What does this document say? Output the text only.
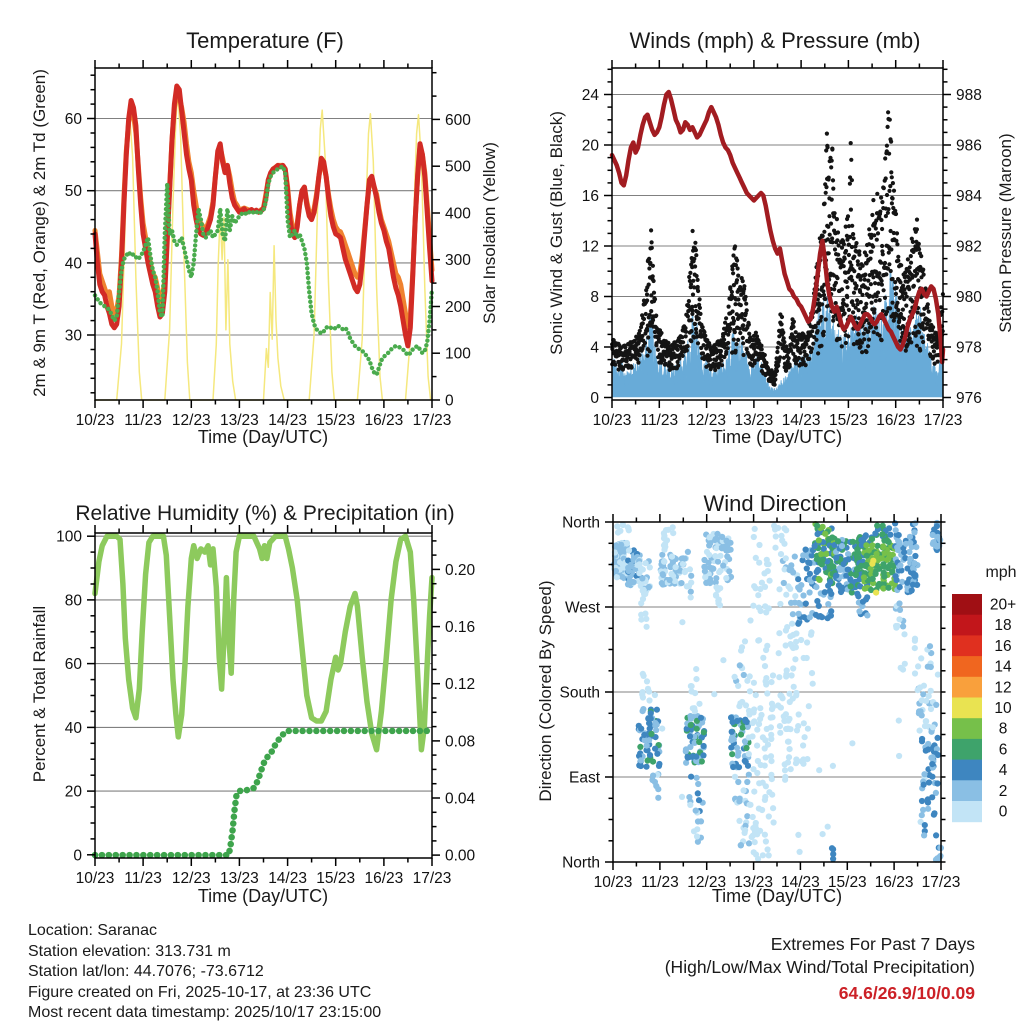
10/23 11/23 12/23 13/23 14/23 15/23 16/23 17/23
30
40
50
60
0
100
200
300
400
500
600
10/23 11/23 12/23 13/23 14/23 15/23 16/23 17/23
0
4
8
12
16
20
24
976
978
980
982
984
986
988
10/23 11/23 12/23 13/23 14/23 15/23 16/23 17/23
0
20
40
60
80
100
0.00
0.04
0.08
0.12
0.16
0.20
10/23 11/23 12/23 13/23 14/23 15/23 16/23 17/23
North
East
South
West
North
20+
18
16
14
12
10
8
6
4
2
0
Temperature (F)	Winds (mph) & Pressure (mb)
Relative Humidity (%) & Precipitation (in)	Wind Direction
Time (Day/UTC)	Time (Day/UTC)
Time (Day/UTC)	Time (Day/UTC)
2m & 9m T (Red, Orange) & 2m Td (Green)	Solar Insolation (Yellow)	Sonic Wind & Gust (Blue, Black)	Station Pressure (Maroon)
Percent & Total Rainfall	Direction (Colored By Speed)
mph
Location: Saranac
Station elevation: 313.731 m
Station lat/lon: 44.7076; -73.6712
Figure created on Fri, 2025-10-17, at 23:36 UTC
Most recent data timestamp: 2025/10/17 23:15:00
Extremes For Past 7 Days
(High/Low/Max Wind/Total Precipitation)
64.6/26.9/10/0.09
